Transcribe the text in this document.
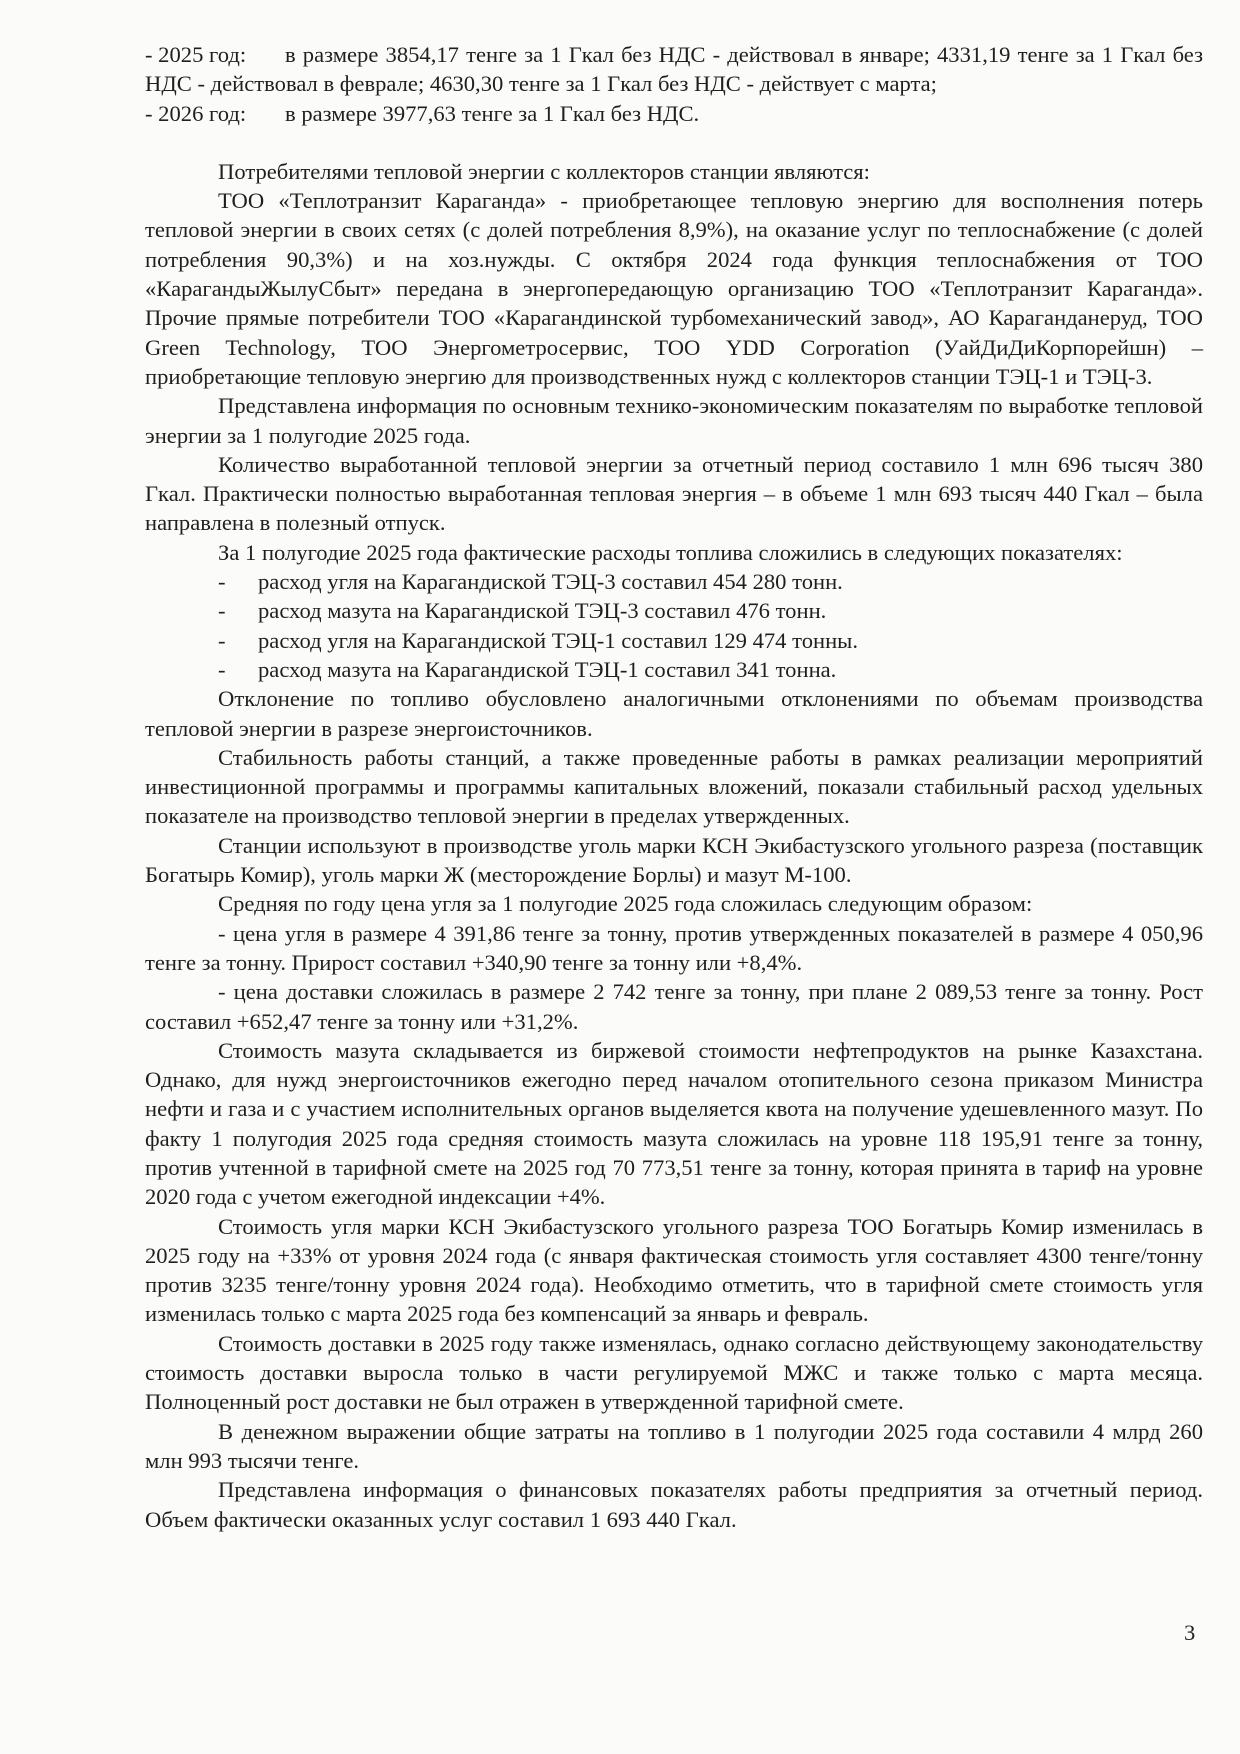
- 2025 год: в размере 3854,17 тенге за 1 Гкал без НДС - действовал в январе; 4331,19 тенге за 1 Гкал без НДС - действовал в феврале; 4630,30 тенге за 1 Гкал без НДС - действует с марта;

- 2026 год: в размере 3977,63 тенге за 1 Гкал без НДС.

Потребителями тепловой энергии с коллекторов станции являются:

ТОО «Теплотранзит Караганда» - приобретающее тепловую энергию для восполнения потерь тепловой энергии в своих сетях (с долей потребления 8,9%), на оказание услуг по теплоснабжение (с долей потребления 90,3%) и на хоз.нужды. С октября 2024 года функция теплоснабжения от ТОО «КарагандыЖылуСбыт» передана в энергопередающую организацию ТОО «Теплотранзит Караганда». Прочие прямые потребители ТОО «Карагандинской турбомеханический завод», АО Караганданеруд, ТОО Green Technology, ТОО Энергометросервис, ТОО YDD Corporation (УайДиДиКорпорейшн) – приобретающие тепловую энергию для производственных нужд с коллекторов станции ТЭЦ-1 и ТЭЦ-3.

Представлена информация по основным технико-экономическим показателям по выработке тепловой энергии за 1 полугодие 2025 года.

Количество выработанной тепловой энергии за отчетный период составило 1 млн 696 тысяч 380 Гкал. Практически полностью выработанная тепловая энергия – в объеме 1 млн 693 тысяч 440 Гкал – была направлена в полезный отпуск.

За 1 полугодие 2025 года фактические расходы топлива сложились в следующих показателях:

- расход угля на Карагандиской ТЭЦ-3 составил 454 280 тонн.
- расход мазута на Карагандиской ТЭЦ-3 составил 476 тонн.
- расход угля на Карагандиской ТЭЦ-1 составил 129 474 тонны.
- расход мазута на Карагандиской ТЭЦ-1 составил 341 тонна.

Отклонение по топливо обусловлено аналогичными отклонениями по объемам производства тепловой энергии в разрезе энергоисточников.

Стабильность работы станций, а также проведенные работы в рамках реализации мероприятий инвестиционной программы и программы капитальных вложений, показали стабильный расход удельных показателе на производство тепловой энергии в пределах утвержденных.

Станции используют в производстве уголь марки КСН Экибастузского угольного разреза (поставщик Богатырь Комир), уголь марки Ж (месторождение Борлы) и мазут М-100.

Средняя по году цена угля за 1 полугодие 2025 года сложилась следующим образом:

- цена угля в размере 4 391,86 тенге за тонну, против утвержденных показателей в размере 4 050,96 тенге за тонну. Прирост составил +340,90 тенге за тонну или +8,4%.

- цена доставки сложилась в размере 2 742 тенге за тонну, при плане 2 089,53 тенге за тонну. Рост составил +652,47 тенге за тонну или +31,2%.

Стоимость мазута складывается из биржевой стоимости нефтепродуктов на рынке Казахстана. Однако, для нужд энергоисточников ежегодно перед началом отопительного сезона приказом Министра нефти и газа и с участием исполнительных органов выделяется квота на получение удешевленного мазут. По факту 1 полугодия 2025 года средняя стоимость мазута сложилась на уровне 118 195,91 тенге за тонну, против учтенной в тарифной смете на 2025 год 70 773,51 тенге за тонну, которая принята в тариф на уровне 2020 года с учетом ежегодной индексации +4%.

Стоимость угля марки КСН Экибастузского угольного разреза ТОО Богатырь Комир изменилась в 2025 году на +33% от уровня 2024 года (с января фактическая стоимость угля составляет 4300 тенге/тонну против 3235 тенге/тонну уровня 2024 года). Необходимо отметить, что в тарифной смете стоимость угля изменилась только с марта 2025 года без компенсаций за январь и февраль.

Стоимость доставки в 2025 году также изменялась, однако согласно действующему законодательству стоимость доставки выросла только в части регулируемой МЖС и также только с марта месяца. Полноценный рост доставки не был отражен в утвержденной тарифной смете.

В денежном выражении общие затраты на топливо в 1 полугодии 2025 года составили 4 млрд 260 млн 993 тысячи тенге.

Представлена информация о финансовых показателях работы предприятия за отчетный период. Объем фактически оказанных услуг составил 1 693 440 Гкал.

3
